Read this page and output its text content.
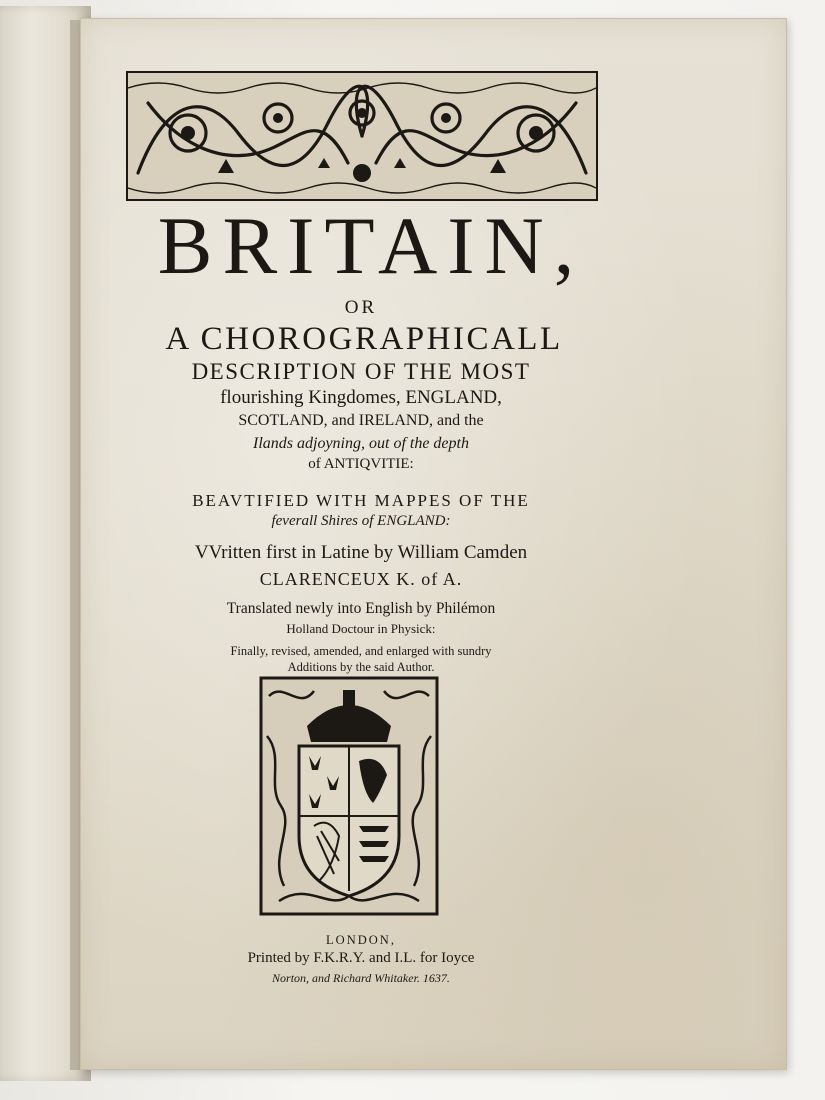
BRITAIN,
OR
A CHOROGRAPHICALL
DESCRIPTION OF THE MOST
flourishing Kingdomes, ENGLAND,
SCOTLAND, and IRELAND, and the
Ilands adjoyning, out of the depth
of ANTIQVITIE:
BEAVTIFIED WITH MAPPES OF THE
feverall Shires of ENGLAND:
VVritten first in Latine by William Camden
CLARENCEUX K. of A.
Translated newly into English by Philémon
Holland Doctour in Physick:
Finally, revised, amended, and enlarged with sundry
Additions by the said Author.
LONDON,
Printed by F.K.R.Y. and I.L. for Ioyce
Norton, and Richard Whitaker. 1637.
